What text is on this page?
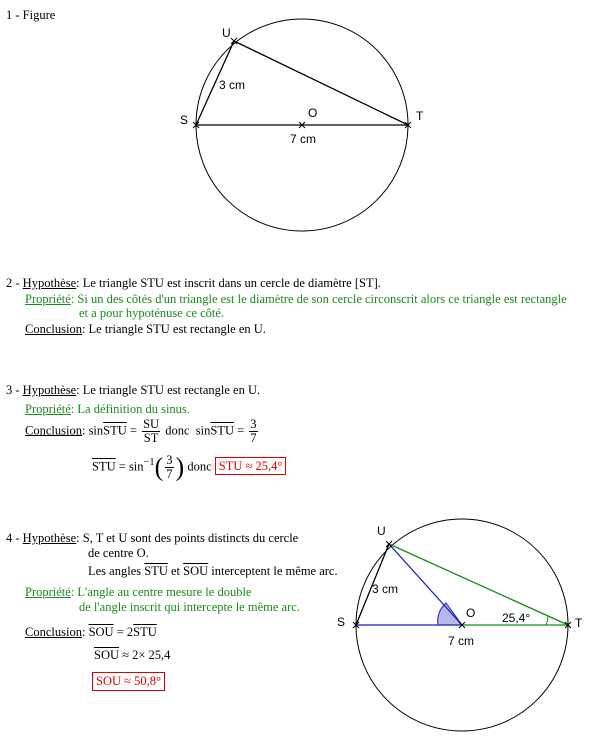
1 - Figure
U
S	T
O
3 cm
7 cm
U
S	T
O
3 cm
7 cm
25,4°
2 - Hypothèse: Le triangle STU est inscrit dans un cercle de diamètre [ST].
Propriété: Si un des côtés d'un triangle est le diamètre de son cercle circonscrit alors ce triangle est rectangle
et a pour hypoténuse ce côté.
Conclusion: Le triangle STU est rectangle en U.
3 - Hypothèse: Le triangle STU est rectangle en U.
Propriété: La définition du sinus.
Conclusion: $\sin\overline{STU} = \frac{SU}{ST}$ donc $\sin\overline{STU} = \frac{3}{7}$
$\overline{STU} = \sin^{-1}( \frac{3}{7}$ ) donc STU ≈ 25,4°
4 - Hypothèse: S, T et U sont des points distincts du cercle
de centre O.
Les angles $\overline{STU}$ et $\overline{SOU}$ interceptent le même arc.
Propriété: L'angle au centre mesure le double
de l'angle inscrit qui intercepte le même arc.
Conclusion: $\overline{SOU} = 2\overline{STU}$
$\overline{SOU} \approx 2\times 25,4$
SOU ≈ 50,8°
